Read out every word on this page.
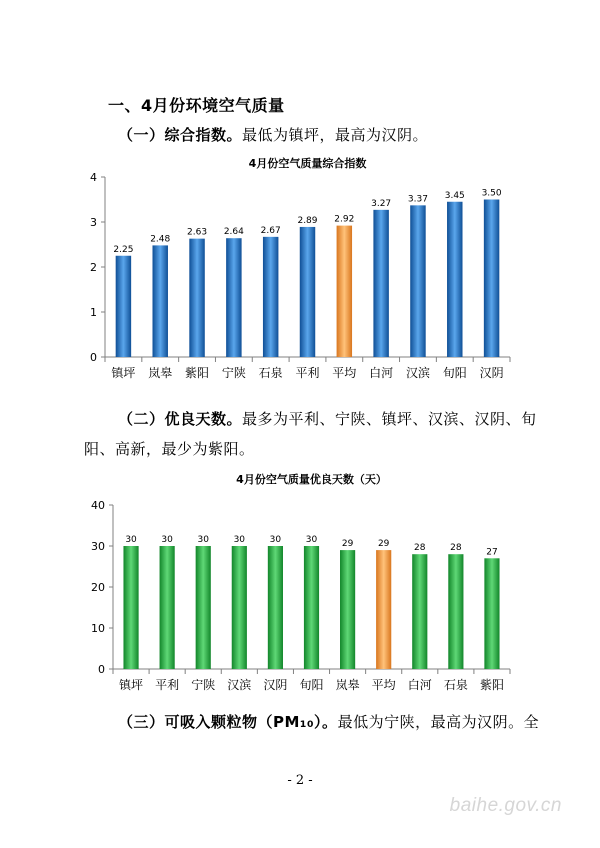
一、4月份环境空气质量
（一）综合指数。最低为镇坪，最高为汉阴。
4月份空气质量综合指数
0
1
2
3
4
2.25
镇坪
2.48
岚皋
2.63
紫阳
2.64
宁陕
2.67
石泉
2.89
平利
2.92
平均
3.27
白河
3.37
汉滨
3.45
旬阳
3.50
汉阴
（二）优良天数。最多为平利、宁陕、镇坪、汉滨、汉阴、旬阳、高新，最少为紫阳。
4月份空气质量优良天数（天）
0
10
20
30
40
30
镇坪
30
平利
30
宁陕
30
汉滨
30
汉阴
30
旬阳
29
岚皋
29
平均
28
白河
28
石泉
27
紫阳
（三）可吸入颗粒物（PM₁₀）。最低为宁陕，最高为汉阴。全
- 2 -
baihe.gov.cn
